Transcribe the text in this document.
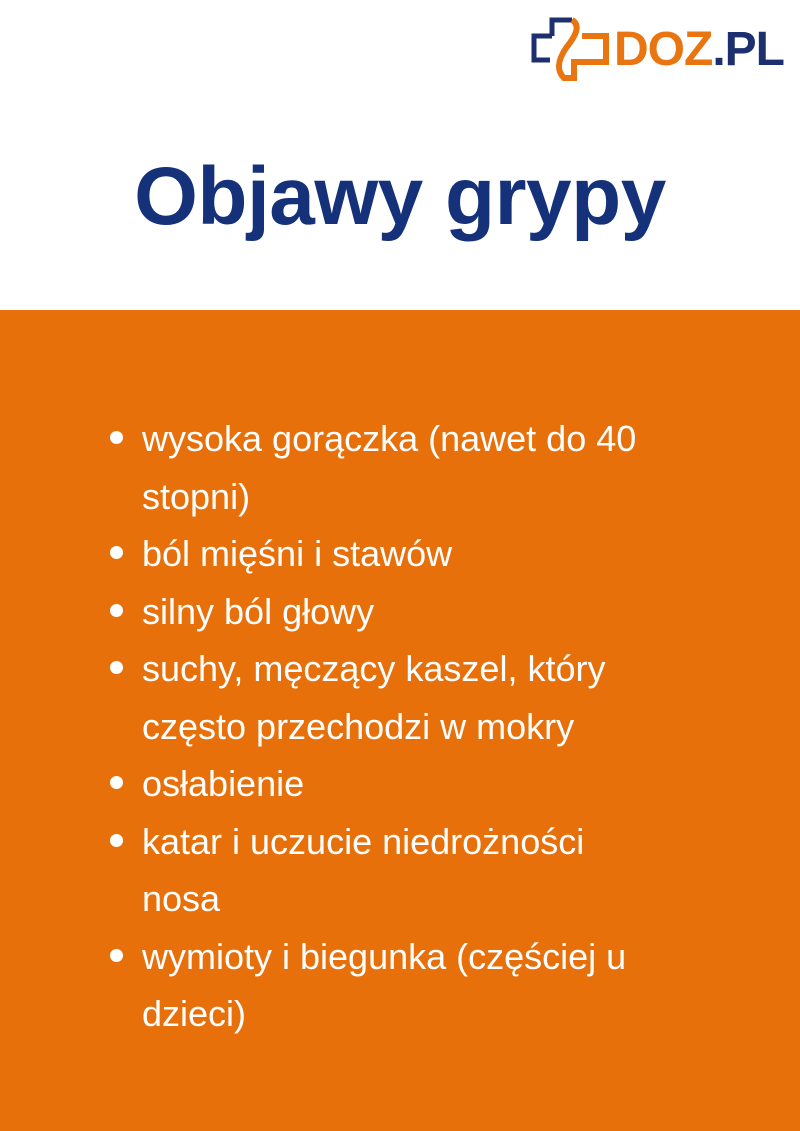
DOZ.PL
Objawy grypy
wysoka gorączka (nawet do 40
stopni)
ból mięśni i stawów
silny ból głowy
suchy, męczący kaszel, który
często przechodzi w mokry
osłabienie
katar i uczucie niedrożności
nosa
wymioty i biegunka (częściej u
dzieci)
